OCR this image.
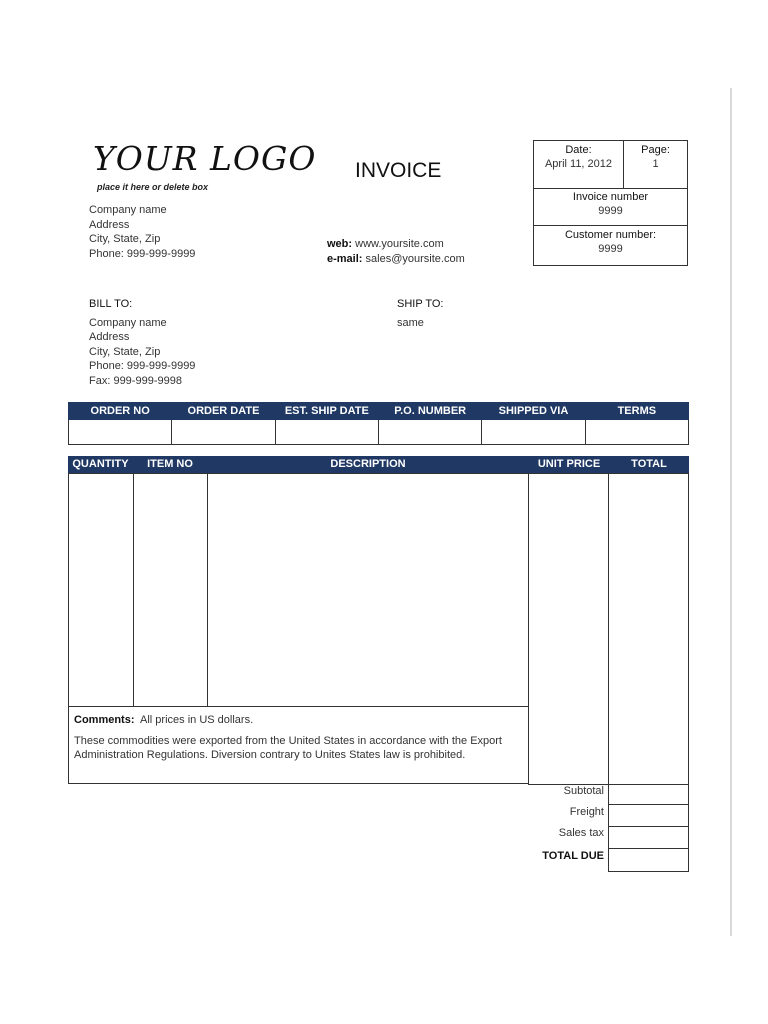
YOUR LOGO
place it here or delete box
INVOICE
Company name
Address
City, State, Zip
Phone: 999-999-9999
web: www.yoursite.com
e-mail: sales@yoursite.com
Date:
April 11, 2012
Page:
1
Invoice number
9999
Customer number:
9999
BILL TO:
Company name
Address
City, State, Zip
Phone: 999-999-9999
Fax: 999-999-9998
SHIP TO:
same
ORDER NO	ORDER DATE	EST. SHIP DATE	P.O. NUMBER	SHIPPED VIA	TERMS

QUANTITY	ITEM NO	DESCRIPTION	UNIT PRICE	TOTAL
Comments: All prices in US dollars.
These commodities were exported from the United States in accordance with the Export Administration Regulations. Diversion contrary to Unites States law is prohibited.
Subtotal
Freight
Sales tax
TOTAL DUE
